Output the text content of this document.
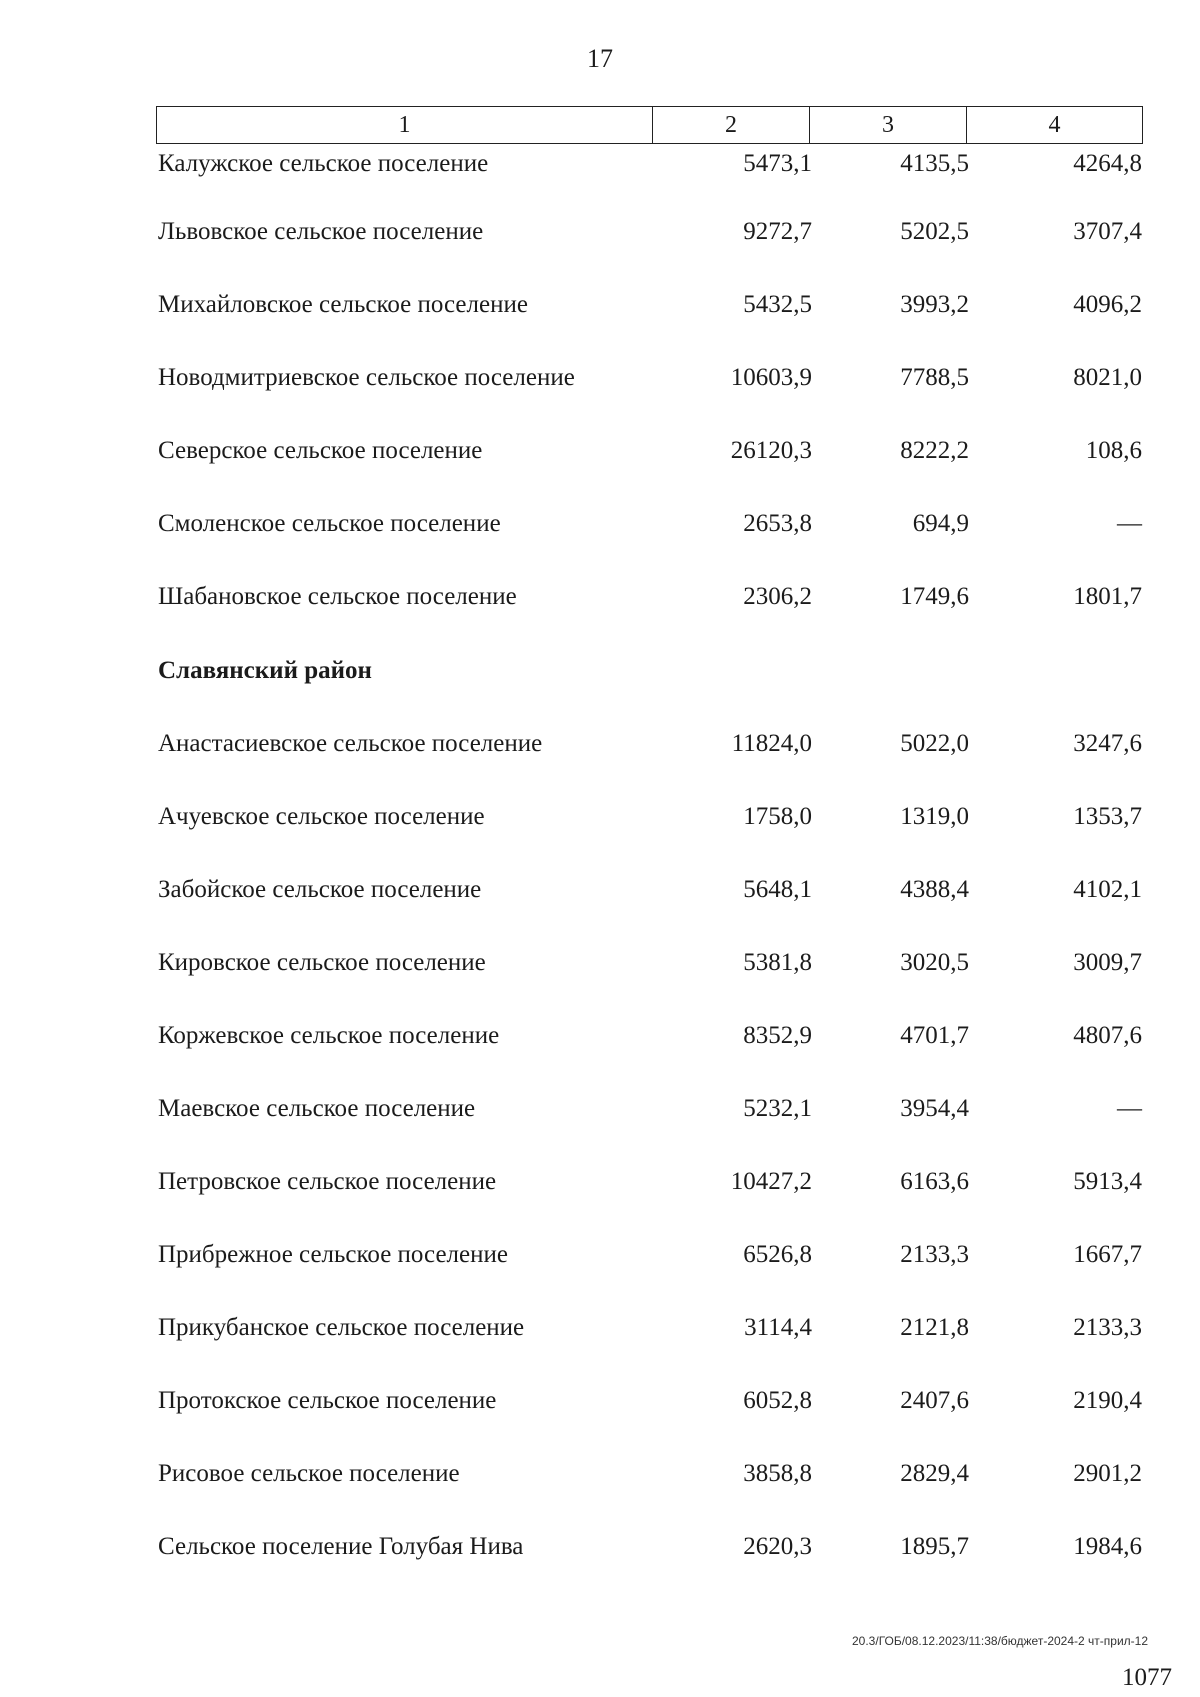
17
1	2	3	4
Калужское сельское поселение	5473,1	4135,5	4264,8
Львовское сельское поселение	9272,7	5202,5	3707,4
Михайловское сельское поселение	5432,5	3993,2	4096,2
Новодмитриевское сельское поселение	10603,9	7788,5	8021,0
Северское сельское поселение	26120,3	8222,2	108,6
Смоленское сельское поселение	2653,8	694,9	—
Шабановское сельское поселение	2306,2	1749,6	1801,7
Славянский район
Анастасиевское сельское поселение	11824,0	5022,0	3247,6
Ачуевское сельское поселение	1758,0	1319,0	1353,7
Забойское сельское поселение	5648,1	4388,4	4102,1
Кировское сельское поселение	5381,8	3020,5	3009,7
Коржевское сельское поселение	8352,9	4701,7	4807,6
Маевское сельское поселение	5232,1	3954,4	—
Петровское сельское поселение	10427,2	6163,6	5913,4
Прибрежное сельское поселение	6526,8	2133,3	1667,7
Прикубанское сельское поселение	3114,4	2121,8	2133,3
Протокское сельское поселение	6052,8	2407,6	2190,4
Рисовое сельское поселение	3858,8	2829,4	2901,2
Сельское поселение Голубая Нива	2620,3	1895,7	1984,6
20.3/ГОБ/08.12.2023/11:38/бюджет-2024-2 чт-прил-12
1077
